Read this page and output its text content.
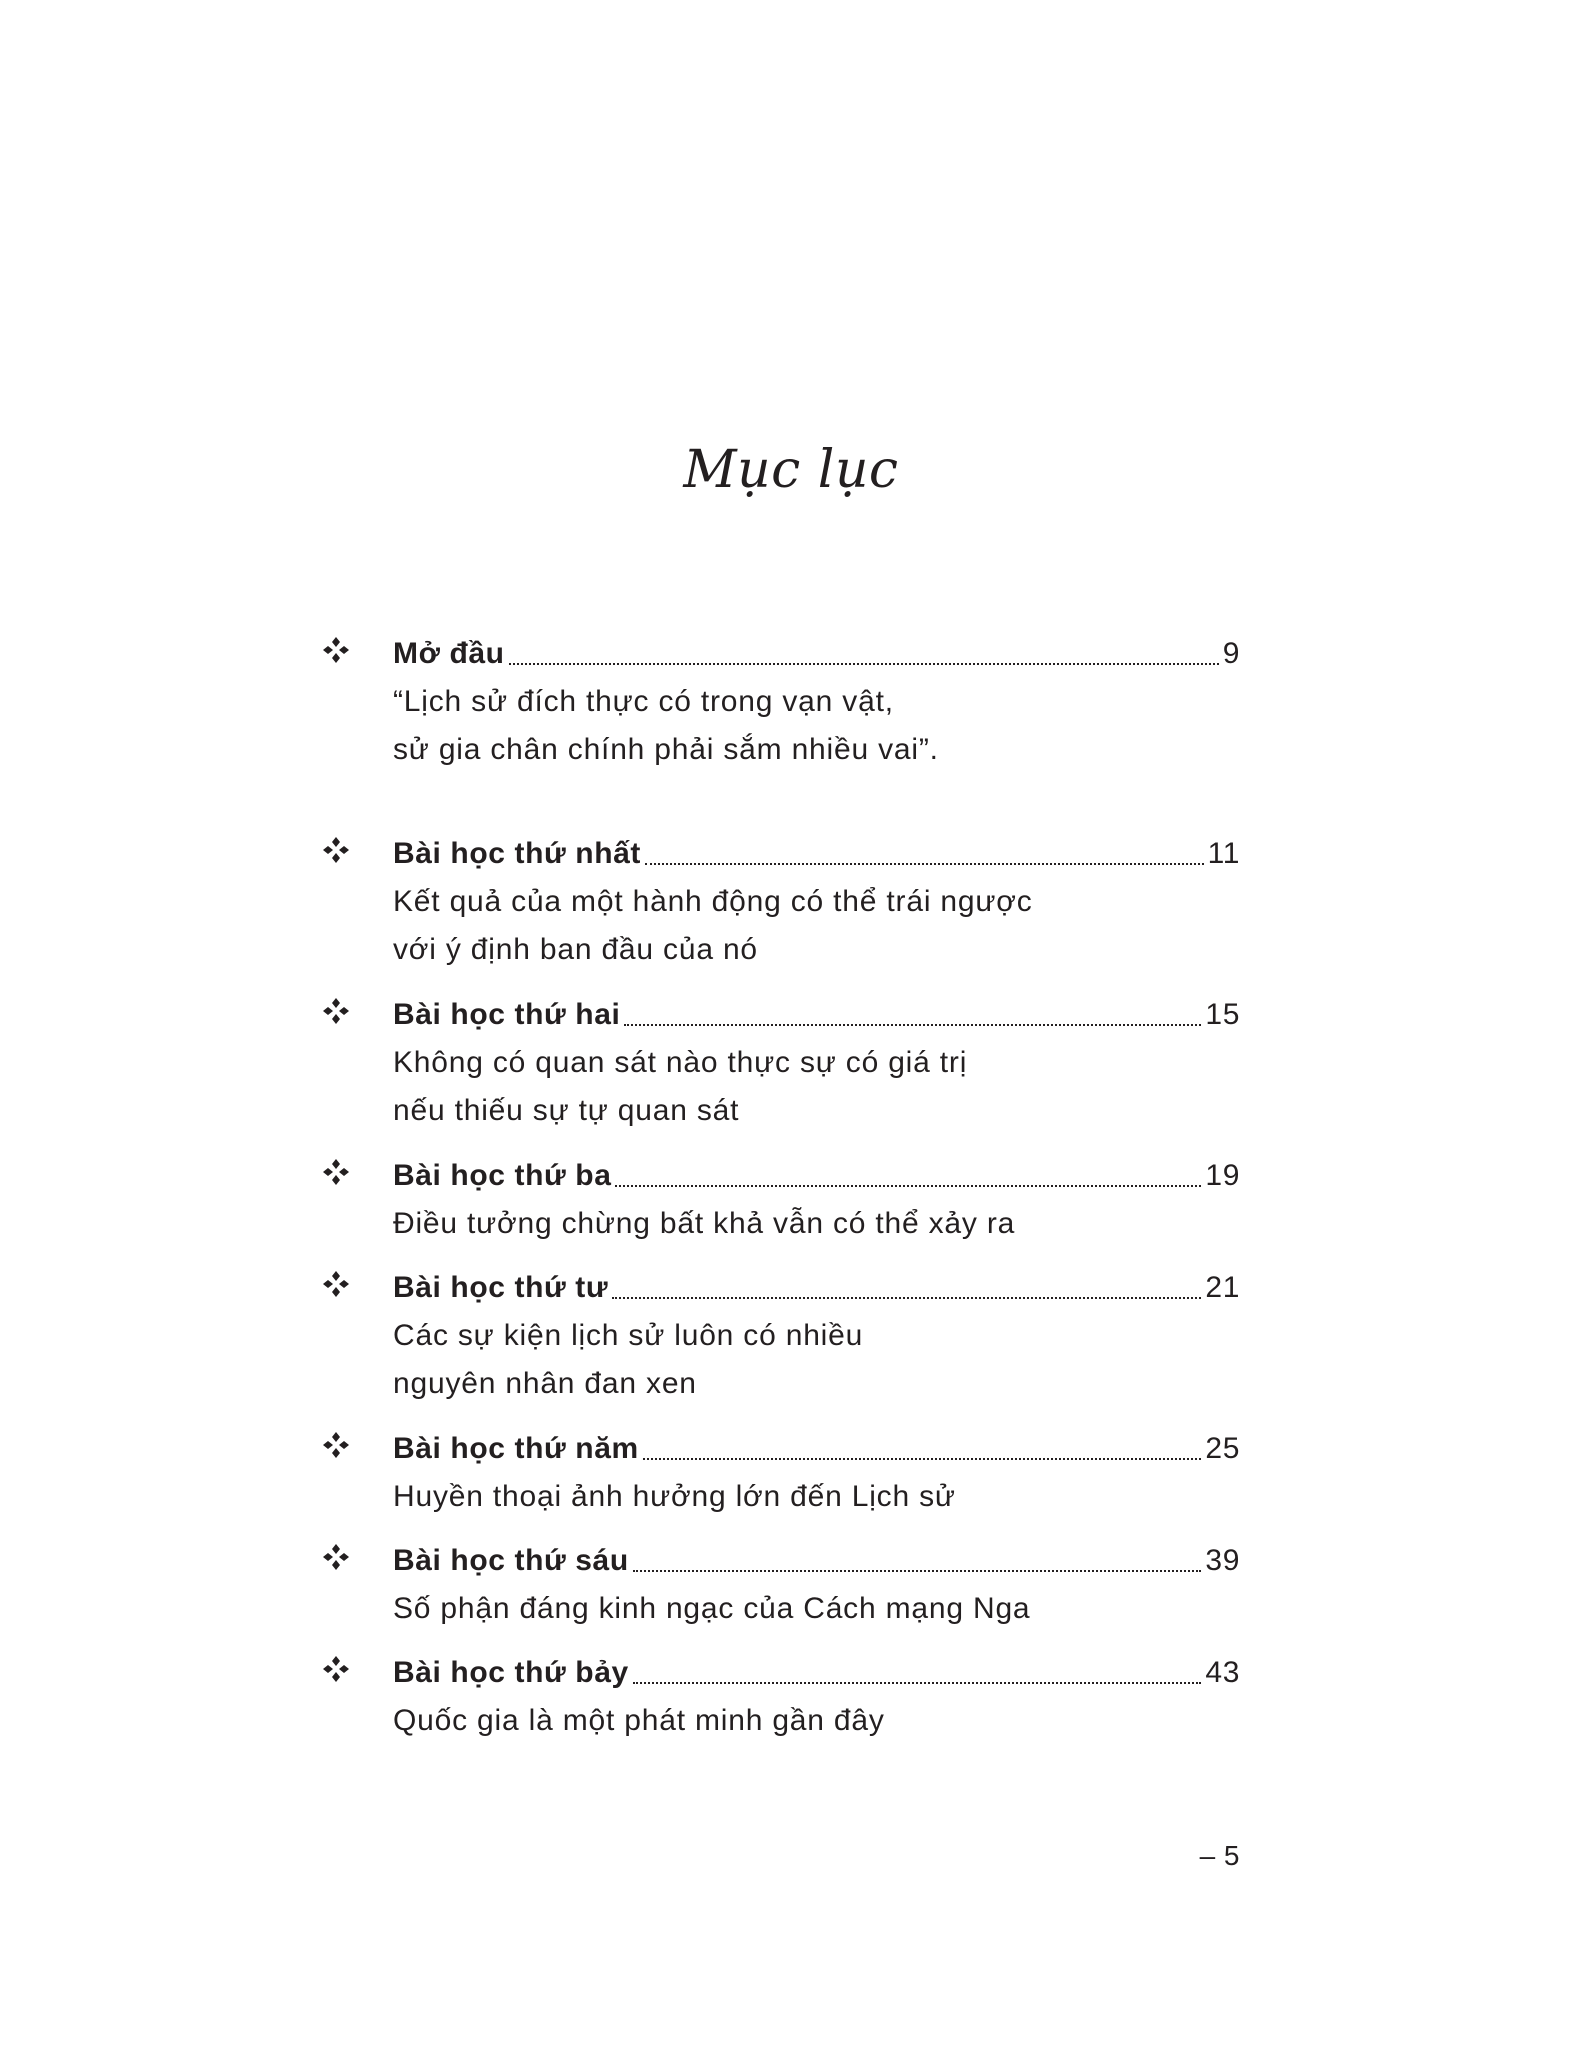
Mục lục
Mở đầu	9
“Lịch sử đích thực có trong vạn vật,
sử gia chân chính phải sắm nhiều vai”.
Bài học thứ nhất	11
Kết quả của một hành động có thể trái ngược
với ý định ban đầu của nó
Bài học thứ hai	15
Không có quan sát nào thực sự có giá trị
nếu thiếu sự tự quan sát
Bài học thứ ba	19
Điều tưởng chừng bất khả vẫn có thể xảy ra
Bài học thứ tư	21
Các sự kiện lịch sử luôn có nhiều
nguyên nhân đan xen
Bài học thứ năm	25
Huyền thoại ảnh hưởng lớn đến Lịch sử
Bài học thứ sáu	39
Số phận đáng kinh ngạc của Cách mạng Nga
Bài học thứ bảy	43
Quốc gia là một phát minh gần đây
– 5
